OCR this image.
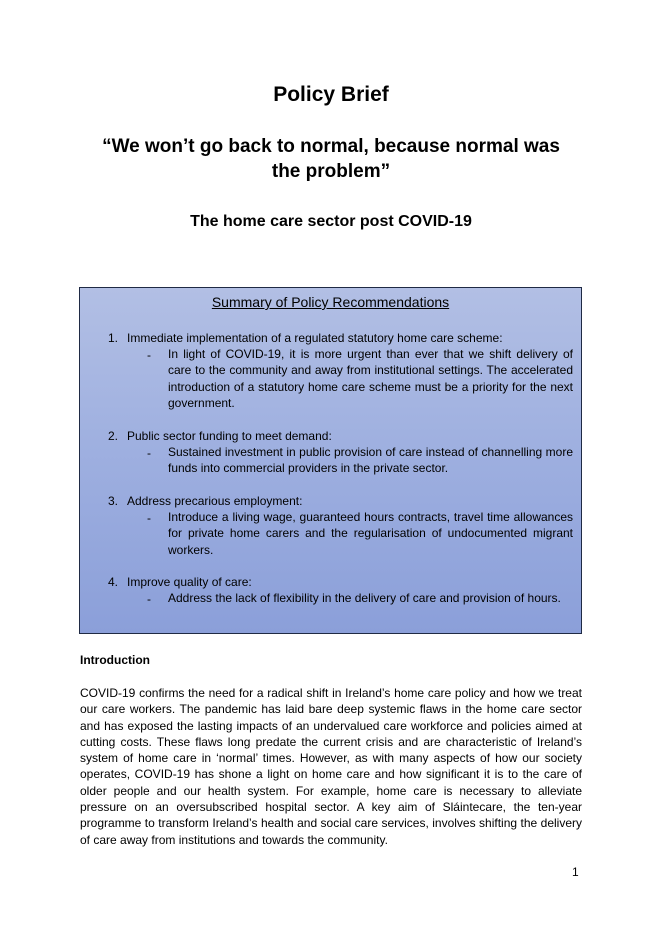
Policy Brief
“We won’t go back to normal, because normal was the problem”
The home care sector post COVID-19
Summary of Policy Recommendations
1. Immediate implementation of a regulated statutory home care scheme:
- In light of COVID-19, it is more urgent than ever that we shift delivery of care to the community and away from institutional settings. The accelerated introduction of a statutory home care scheme must be a priority for the next government.
2. Public sector funding to meet demand:
- Sustained investment in public provision of care instead of channelling more funds into commercial providers in the private sector.
3. Address precarious employment:
- Introduce a living wage, guaranteed hours contracts, travel time allowances for private home carers and the regularisation of undocumented migrant workers.
4. Improve quality of care:
- Address the lack of flexibility in the delivery of care and provision of hours.
Introduction
COVID-19 confirms the need for a radical shift in Ireland’s home care policy and how we treat our care workers. The pandemic has laid bare deep systemic flaws in the home care sector and has exposed the lasting impacts of an undervalued care workforce and policies aimed at cutting costs. These flaws long predate the current crisis and are characteristic of Ireland’s system of home care in ‘normal’ times. However, as with many aspects of how our society operates, COVID-19 has shone a light on home care and how significant it is to the care of older people and our health system. For example, home care is necessary to alleviate pressure on an oversubscribed hospital sector. A key aim of Sláintecare, the ten-year programme to transform Ireland’s health and social care services, involves shifting the delivery of care away from institutions and towards the community.
1
